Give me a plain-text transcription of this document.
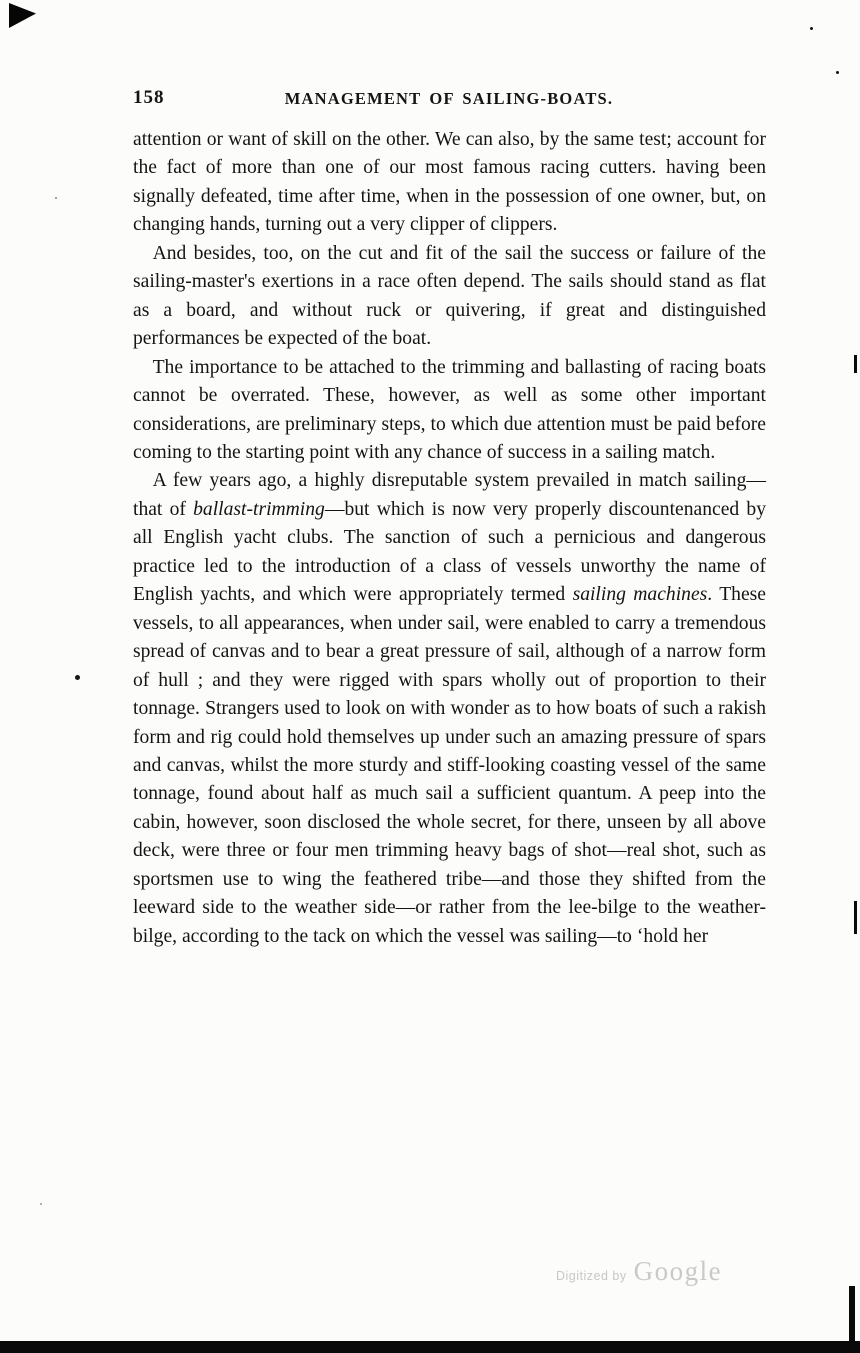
158	MANAGEMENT OF SAILING-BOATS.

attention or want of skill on the other. We can also, by the same test; account for the fact of more than one of our most famous racing cutters. having been signally defeated, time after time, when in the possession of one owner, but, on changing hands, turning out a very clipper of clippers.

And besides, too, on the cut and fit of the sail the success or failure of the sailing-master's exertions in a race often depend. The sails should stand as flat as a board, and without ruck or quivering, if great and distinguished performances be expected of the boat.

The importance to be attached to the trimming and ballasting of racing boats cannot be overrated. These, however, as well as some other important considerations, are preliminary steps, to which due attention must be paid before coming to the starting point with any chance of success in a sailing match.

A few years ago, a highly disreputable system prevailed in match sailing—that of ballast-trimming—but which is now very properly discountenanced by all English yacht clubs. The sanction of such a pernicious and dangerous practice led to the introduction of a class of vessels unworthy the name of English yachts, and which were appropriately termed sailing machines. These vessels, to all appearances, when under sail, were enabled to carry a tremendous spread of canvas and to bear a great pressure of sail, although of a narrow form of hull ; and they were rigged with spars wholly out of proportion to their tonnage. Strangers used to look on with wonder as to how boats of such a rakish form and rig could hold themselves up under such an amazing pressure of spars and canvas, whilst the more sturdy and stiff-looking coasting vessel of the same tonnage, found about half as much sail a sufficient quantum. A peep into the cabin, however, soon disclosed the whole secret, for there, unseen by all above deck, were three or four men trimming heavy bags of shot—real shot, such as sportsmen use to wing the feathered tribe—and those they shifted from the leeward side to the weather side—or rather from the lee-bilge to the weather-bilge, according to the tack on which the vessel was sailing—to ‘hold her

Digitized by Google
